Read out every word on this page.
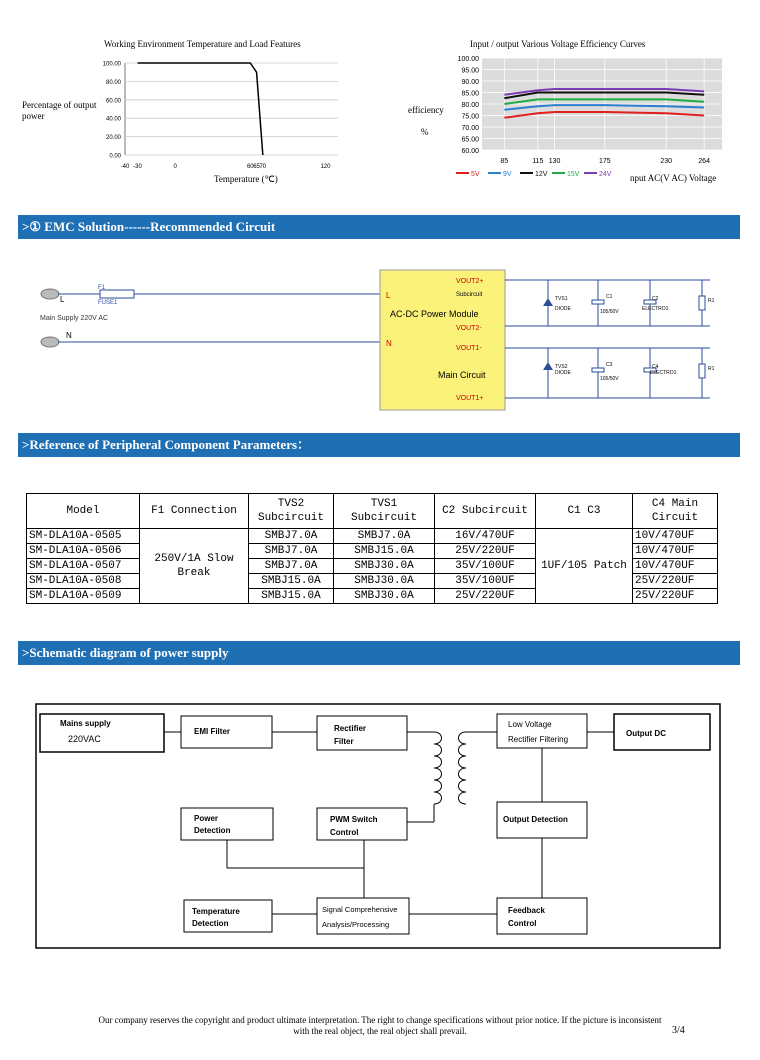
Working Environment Temperature and Load Features
Percentage of output
power
100.00
80.00
60.00
40.00
20.00
0.00
-40 -30	0	60 65 70	120
Temperature (℃)
Input / output Various Voltage Efficiency Curves
efficiency
%
100.00
95.00
90.00
85.00
80.00
75.00
70.00
65.00
60.00
85	115 130	175	230	264
5V	9V	12V	15V	24V nput AC(V AC) Voltage
>① EMC Solution------Recommended Circuit
L
N
F1
FUSE1
Main Supply 220V AC
L
N
AC-DC Power Module
Subcircuit
Main Circuit
VOUT2+
VOUT2-
VOUT1-
VOUT1+
TVS1
DIODE
TVS2
DIODE
C1
105/50V
C3
105/50V
C2
ELECTRO1
C4
ELECTRO1
R1
R1
>Reference of Peripheral Component Parameters：
Model	F1 Connection	TVS2 Subcircuit	TVS1 Subcircuit	C2 Subcircuit	C1 C3	C4 Main Circuit
SM-DLA10A-0505	250V/1A Slow Break	SMBJ7.0A	SMBJ7.0A	16V/470UF	1UF/105 Patch	10V/470UF
SM-DLA10A-0506		SMBJ7.0A	SMBJ15.0A	25V/220UF		10V/470UF
SM-DLA10A-0507		SMBJ7.0A	SMBJ30.0A	35V/100UF		10V/470UF
SM-DLA10A-0508		SMBJ15.0A	SMBJ30.0A	35V/100UF		25V/220UF
SM-DLA10A-0509		SMBJ15.0A	SMBJ30.0A	25V/220UF		25V/220UF
>Schematic diagram of power supply
Mains supply
220VAC
EMI Filter	Rectifier
Filter
Low Voltage
Rectifier Filtering
Output DC
Power
Detection
PWM Switch
Control
Output Detection
Temperature
Detection
Signal Comprehensive
Analysis/Processing
Feedback
Control
Our company reserves the copyright and product ultimate interpretation. The right to change specifications without prior notice. If the picture is inconsistent
with the real object, the real object shall prevail.	3/4
